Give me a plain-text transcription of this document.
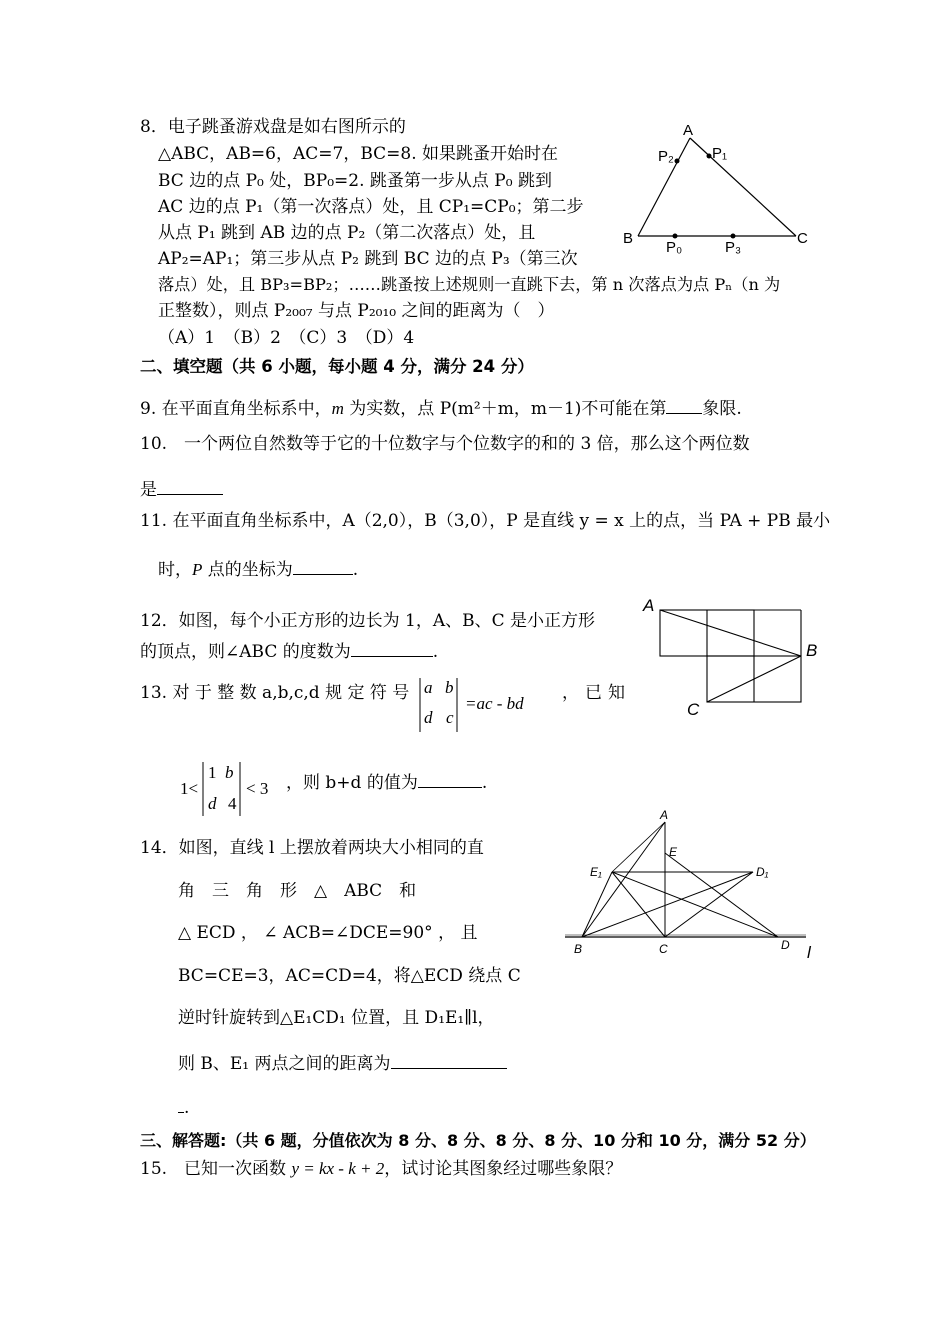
8．电子跳蚤游戏盘是如右图所示的
△ABC，AB=6，AC=7，BC=8. 如果跳蚤开始时在
BC 边的点 P₀ 处，BP₀=2. 跳蚤第一步从点 P₀ 跳到
AC 边的点 P₁（第一次落点）处，且 CP₁=CP₀；第二步
从点 P₁ 跳到 AB 边的点 P₂（第二次落点）处，且
AP₂=AP₁；第三步从点 P₂ 跳到 BC 边的点 P₃（第三次
落点）处，且 BP₃=BP₂；……跳蚤按上述规则一直跳下去，第 n 次落点为点 Pₙ（n 为
正整数），则点 P₂₀₀₇ 与点 P₂₀₁₀ 之间的距离为（　）
（A）1　（B）2　（C）3　（D）4
A
P₂	P₁
B
P₀	P₃
C
二、填空题（共 6 小题，每小题 4 分，满分 24 分）
9. 在平面直角坐标系中，m 为实数，点 P(m²＋m，m－1)不可能在第 象限.
10.　一个两位自然数等于它的十位数字与个位数字的和的 3 倍，那么这个两位数
是
11. 在平面直角坐标系中，A（2,0），B（3,0），P 是直线 y = x 上的点，当 PA + PB 最小
时，P 点的坐标为	.
12．如图，每个小正方形的边长为 1，A、B、C 是小正方形
的顶点，则∠ABC 的度数为	.
A
B
C
13. 对 于 整 数 a,b,c,d 规 定 符 号 a b
d c
=ac - bd
，已知
1<
1 b
d 4
< 3 ，则 b+d 的值为	.
14．如图，直线 l 上摆放着两块大小相同的直
角　三　角　形　△　ABC　和
△ ECD ， ∠ ACB=∠DCE=90° ， 且
BC=CE=3，AC=CD=4，将△ECD 绕点 C
逆时针旋转到△E₁CD₁ 位置，且 D₁E₁∥l，
则 B、E₁ 两点之间的距离为
.
A
E
E₁	D₁
B	C	D l
三、解答题:（共 6 题，分值依次为 8 分、8 分、8 分、8 分、10 分和 10 分，满分 52 分）
15.　已知一次函数 y = kx - k + 2，试讨论其图象经过哪些象限？
